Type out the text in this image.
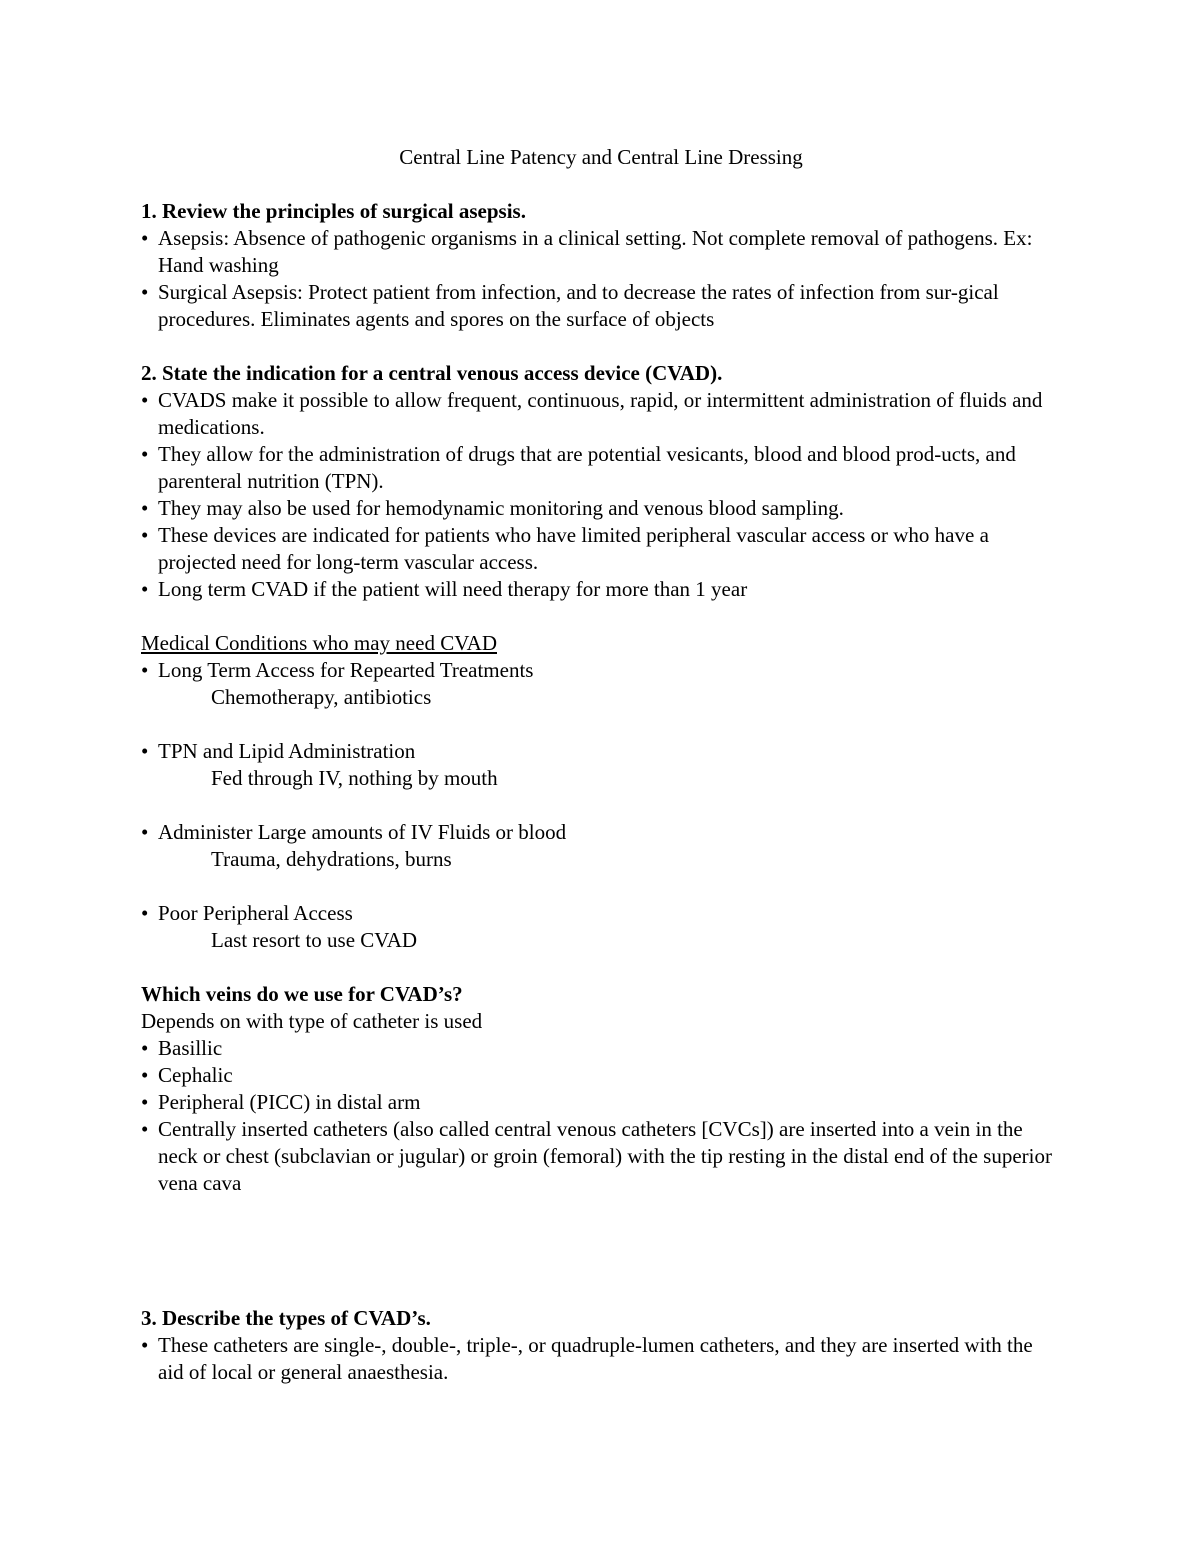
Central Line Patency and Central Line Dressing

1. Review the principles of surgical asepsis.

• Asepsis: Absence of pathogenic organisms in a clinical setting. Not complete removal of pathogens. Ex: Hand washing
• Surgical Asepsis: Protect patient from infection, and to decrease the rates of infection from sur-gical procedures. Eliminates agents and spores on the surface of objects

2. State the indication for a central venous access device (CVAD).

• CVADS make it possible to allow frequent, continuous, rapid, or intermittent administration of fluids and medications.
• They allow for the administration of drugs that are potential vesicants, blood and blood prod-ucts, and parenteral nutrition (TPN).
• They may also be used for hemodynamic monitoring and venous blood sampling.
• These devices are indicated for patients who have limited peripheral vascular access or who have a projected need for long-term vascular access.
• Long term CVAD if the patient will need therapy for more than 1 year

Medical Conditions who may need CVAD

• Long Term Access for Repearted Treatments

Chemotherapy, antibiotics

• TPN and Lipid Administration

Fed through IV, nothing by mouth

• Administer Large amounts of IV Fluids or blood

Trauma, dehydrations, burns

• Poor Peripheral Access

Last resort to use CVAD

Which veins do we use for CVAD’s?

Depends on with type of catheter is used

• Basillic
• Cephalic
• Peripheral (PICC) in distal arm
• Centrally inserted catheters (also called central venous catheters [CVCs]) are inserted into a vein in the neck or chest (subclavian or jugular) or groin (femoral) with the tip resting in the distal end of the superior vena cava

3. Describe the types of CVAD’s.

• These catheters are single-, double-, triple-, or quadruple-lumen catheters, and they are inserted with the aid of local or general anaesthesia.
